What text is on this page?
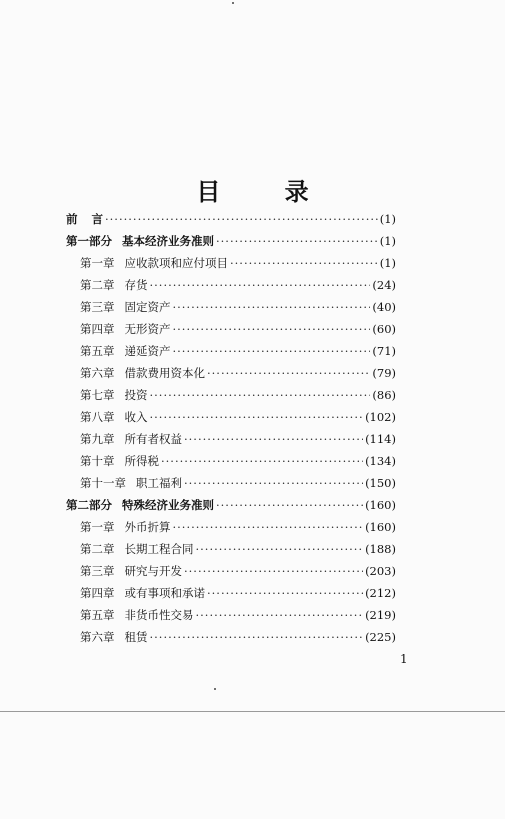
目 录
前 言 ·····	(1)
第一部分 基本经济业务准则 ·····	(1)
第一章 应收款项和应付项目 ·····	(1)
第二章 存货 ·····	(24)
第三章 固定资产 ·····	(40)
第四章 无形资产 ·····	(60)
第五章 递延资产 ·····	(71)
第六章 借款费用资本化 ·····	(79)
第七章 投资 ·····	(86)
第八章 收入 ·····	(102)
第九章 所有者权益 ·····	(114)
第十章 所得税 ·····	(134)
第十一章 职工福利 ·····	(150)
第二部分 特殊经济业务准则 ·····	(160)
第一章 外币折算 ·····	(160)
第二章 长期工程合同 ·····	(188)
第三章 研究与开发 ·····	(203)
第四章 或有事项和承诺 ·····	(212)
第五章 非货币性交易 ·····	(219)
第六章 租赁 ·····	(225)
1
